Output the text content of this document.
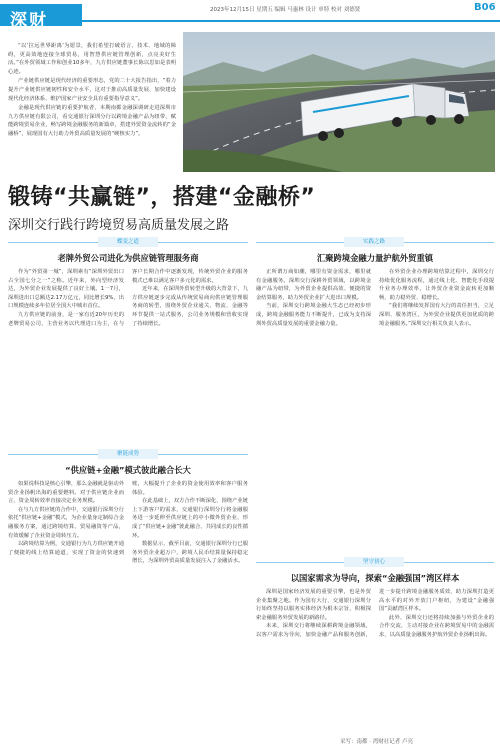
深财
2023年12月15日 星期五 编辑 马惠林 设计 单特 校对 刘德贤	B06

“以‘拉远世界距离’为愿景，我们希望打破语言、技术、地域的障碍，更高效地连接全球贸易，用智慧供应链管理创新，点亮美好生活。”在外贸领域工作和创业10多年，九方供应链董事长陈以思如是表明心迹。

产业链供应链是现代经济的重要形态，党的二十大报告指出，“着力提升产业链供应链韧性和安全水平，这对于推动高质量发展、加快建设现代化经济体系、维护国家产业安全具有重要指导意义”。

金融是现代供应链的重要护航者，本期南都金融深调研走进深圳市九方供应链有限公司，看交通银行深圳分行以跨境金融产品为纽带，赋能跨境贸易企业，畅写跨境金融服务的新篇章，搭建外贸资金流转的“金融桥”，展现国有大行助力外贸高质量发展的“硬核实力”。

锻铸“共赢链”，搭建“金融桥”
深圳交行践行跨境贸易高质量发展之路
蝶变之道
老牌外贸公司进化为供应链管理服务商

作为“外贸第一城”，深圳素有“深圳外贸出口占全国七分之一”之称。近年来，外向型经济发达，为外贸企业发展提供了良好土壤。1一7月，深圳进出口总额达2.17万亿元，同比增长9%，出口规模连续多年位居全国大中城市首位。

九方供应链的前身，是一家有近20年历史的老牌贸易公司，主营业务以代理进口为主，在与客户长期合作中逐渐发现，传统外贸企业的服务模式已难以满足客户多元化的需求。

近年来，在深圳外贸转型升级的大背景下，九方供应链逐步完成从传统贸易商向供应链管理服务商的转型，围绕外贸企业通关、物流、金融等环节提供一站式服务，公司业务规模和营收实现了持续增长。

实践之路
汇聚跨境金融力量护航外贸重镇

正所谓万商如潮，哪里有资金需求，哪里就有金融服务。深圳交行深耕外贸领域，以跨境金融产品为纽带，为外贸企业提供高效、便捷的资金结算服务，助力外贸企业扩大进出口规模。

当前，深圳交行跨境金融大生态已经初步形成，跨境金融服务能力不断提升，已成为支持深圳外贸高质量发展的重要金融力量。

在外贸企业办理跨境结算过程中，深圳交行持续优化服务流程，通过线上化、智能化手段提升业务办理效率，让外贸企业资金流转更加顺畅，助力稳外贸、稳增长。

“我们将继续发挥国有大行的责任担当，立足深圳、服务湾区，为外贸企业提供更加优质的跨境金融服务。”深圳交行相关负责人表示。

聚链成势
“供应链+金融”模式彼此融合长大

如果说科技是核心引擎，那么金融就是驱动外贸企业扬帆出海的重要燃料。对于供应链企业而言，资金周转效率直接决定业务规模。

在与九方供应链的合作中，交通银行深圳分行依托“供应链+金融”模式，为企业量身定制综合金融服务方案，通过跨境结算、贸易融资等产品，有效缓解了企业资金周转压力。

以跨境结算为例，交通银行为九方供应链开通了便捷的线上结算通道，实现了资金的快速到账，大幅提升了企业的资金使用效率和客户服务体验。

在此基础上，双方合作不断深化，围绕产业链上下游客户的需求，交通银行深圳分行将金融服务进一步延伸至供应链上的中小微外贸企业，形成了“供应链+金融”彼此融合、共同成长的良性循环。

数据显示，截至目前，交通银行深圳分行已服务外贸企业超万户，跨境人民币结算量保持稳定增长，为深圳外贸高质量发展注入了金融活水。	坚守初心
以国家需求为导向，探索“金融强国”湾区样本

深圳是国家经济发展的重要引擎，也是外贸企业集聚之地。作为国有大行，交通银行深圳分行始终坚持以服务实体经济为根本宗旨，积极探索金融服务外贸发展的新路径。

未来，深圳交行将继续深耕跨境金融领域，以客户需求为导向，加快金融产品和服务创新，进一步提升跨境金融服务质效，助力深圳打造更高水平的对外开放门户枢纽，为建设“金融强国”贡献湾区样本。

此外，深圳交行还将持续加强与外贸企业的合作交流，主动对接企业在跨境贸易中的金融需求，以高质量金融服务护航外贸企业扬帆出海。

采写：南都 · 湾财社记者 卢亮
